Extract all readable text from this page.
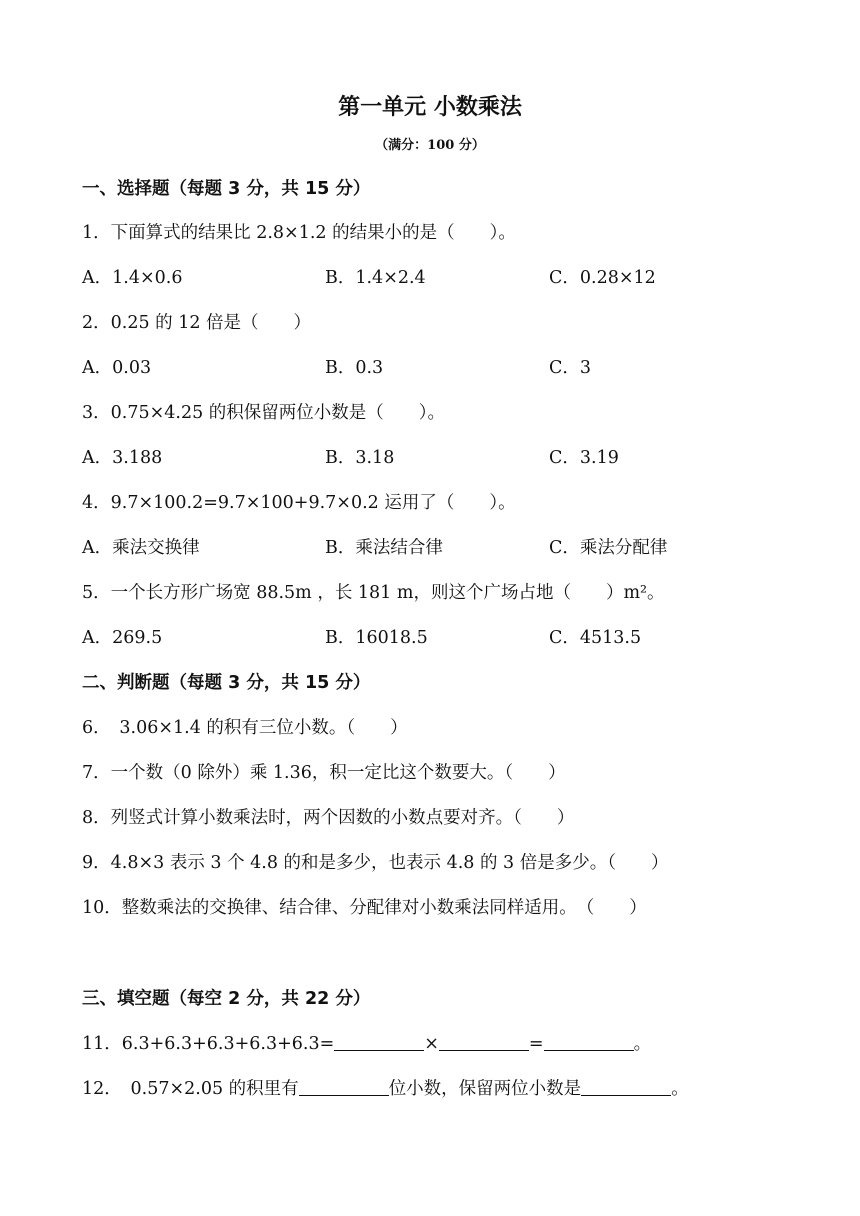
第一单元 小数乘法
（满分：100 分）
一、选择题（每题 3 分，共 15 分）
1．下面算式的结果比 2.8×1.2 的结果小的是（　　）。
A．1.4×0.6	B．1.4×2.4	C．0.28×12
2．0.25 的 12 倍是（　　）
A．0.03	B．0.3	C．3
3．0.75×4.25 的积保留两位小数是（　　）。
A．3.188	B．3.18	C．3.19
4．9.7×100.2=9.7×100+9.7×0.2 运用了（　　）。
A．乘法交换律	B．乘法结合律	C．乘法分配律
5．一个长方形广场宽 88.5m ，长 181 m，则这个广场占地（　　）m²。
A．269.5	B．16018.5	C．4513.5
二、判断题（每题 3 分，共 15 分）
6．　3.06×1.4 的积有三位小数。（　　）
7．一个数（0 除外）乘 1.36，积一定比这个数要大。（　　）
8．列竖式计算小数乘法时，两个因数的小数点要对齐。（　　）
9．4.8×3 表示 3 个 4.8 的和是多少，也表示 4.8 的 3 倍是多少。（　　）
10．整数乘法的交换律、结合律、分配律对小数乘法同样适用。　（　　）
三、填空题（每空 2 分，共 22 分）
11．6.3+6.3+6.3+6.3+6.3=	×	=	。
12．　0.57×2.05 的积里有	位小数，保留两位小数是	。
